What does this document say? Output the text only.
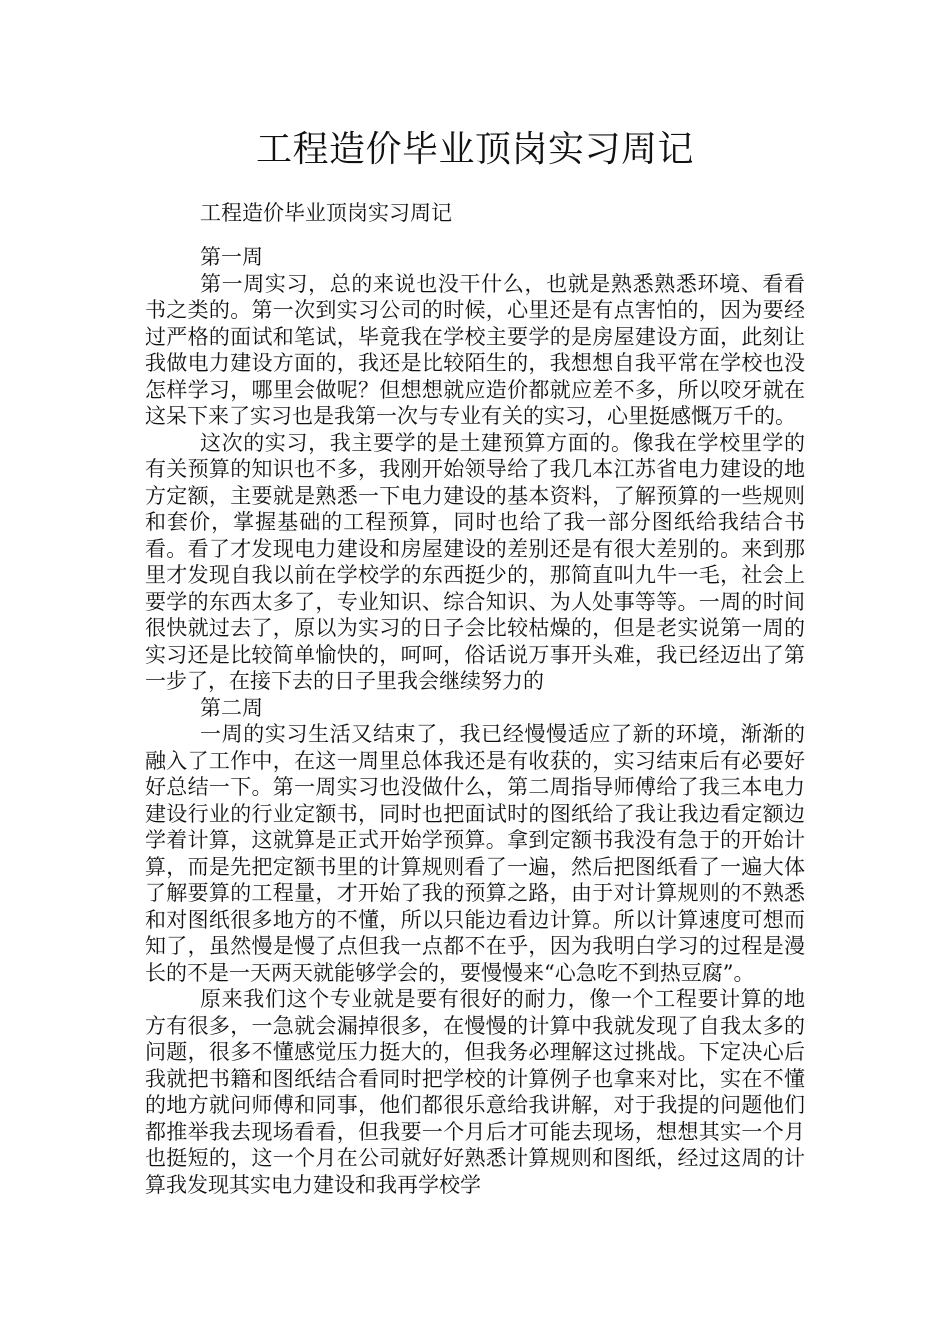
工程造价毕业顶岗实习周记

工程造价毕业顶岗实习周记

第一周

第一周实习，总的来说也没干什么，也就是熟悉熟悉环境、看看书之类的。第一次到实习公司的时候，心里还是有点害怕的，因为要经过严格的面试和笔试，毕竟我在学校主要学的是房屋建设方面，此刻让我做电力建设方面的，我还是比较陌生的，我想想自我平常在学校也没怎样学习，哪里会做呢？但想想就应造价都就应差不多，所以咬牙就在这呆下来了实习也是我第一次与专业有关的实习，心里挺感慨万千的。

这次的实习，我主要学的是土建预算方面的。像我在学校里学的有关预算的知识也不多，我刚开始领导给了我几本江苏省电力建设的地方定额，主要就是熟悉一下电力建设的基本资料，了解预算的一些规则和套价，掌握基础的工程预算，同时也给了我一部分图纸给我结合书看。看了才发现电力建设和房屋建设的差别还是有很大差别的。来到那里才发现自我以前在学校学的东西挺少的，那简直叫九牛一毛，社会上要学的东西太多了，专业知识、综合知识、为人处事等等。一周的时间很快就过去了，原以为实习的日子会比较枯燥的，但是老实说第一周的实习还是比较简单愉快的，呵呵，俗话说万事开头难，我已经迈出了第一步了，在接下去的日子里我会继续努力的

第二周

一周的实习生活又结束了，我已经慢慢适应了新的环境，渐渐的融入了工作中，在这一周里总体我还是有收获的，实习结束后有必要好好总结一下。第一周实习也没做什么，第二周指导师傅给了我三本电力建设行业的行业定额书，同时也把面试时的图纸给了我让我边看定额边学着计算，这就算是正式开始学预算。拿到定额书我没有急于的开始计算，而是先把定额书里的计算规则看了一遍，然后把图纸看了一遍大体了解要算的工程量，才开始了我的预算之路，由于对计算规则的不熟悉和对图纸很多地方的不懂，所以只能边看边计算。所以计算速度可想而知了，虽然慢是慢了点但我一点都不在乎，因为我明白学习的过程是漫长的不是一天两天就能够学会的，要慢慢来“心急吃不到热豆腐”。

原来我们这个专业就是要有很好的耐力，像一个工程要计算的地方有很多，一急就会漏掉很多，在慢慢的计算中我就发现了自我太多的问题，很多不懂感觉压力挺大的，但我务必理解这过挑战。下定决心后我就把书籍和图纸结合看同时把学校的计算例子也拿来对比，实在不懂的地方就问师傅和同事，他们都很乐意给我讲解，对于我提的问题他们都推举我去现场看看，但我要一个月后才可能去现场，想想其实一个月也挺短的，这一个月在公司就好好熟悉计算规则和图纸，经过这周的计算我发现其实电力建设和我再学校学
